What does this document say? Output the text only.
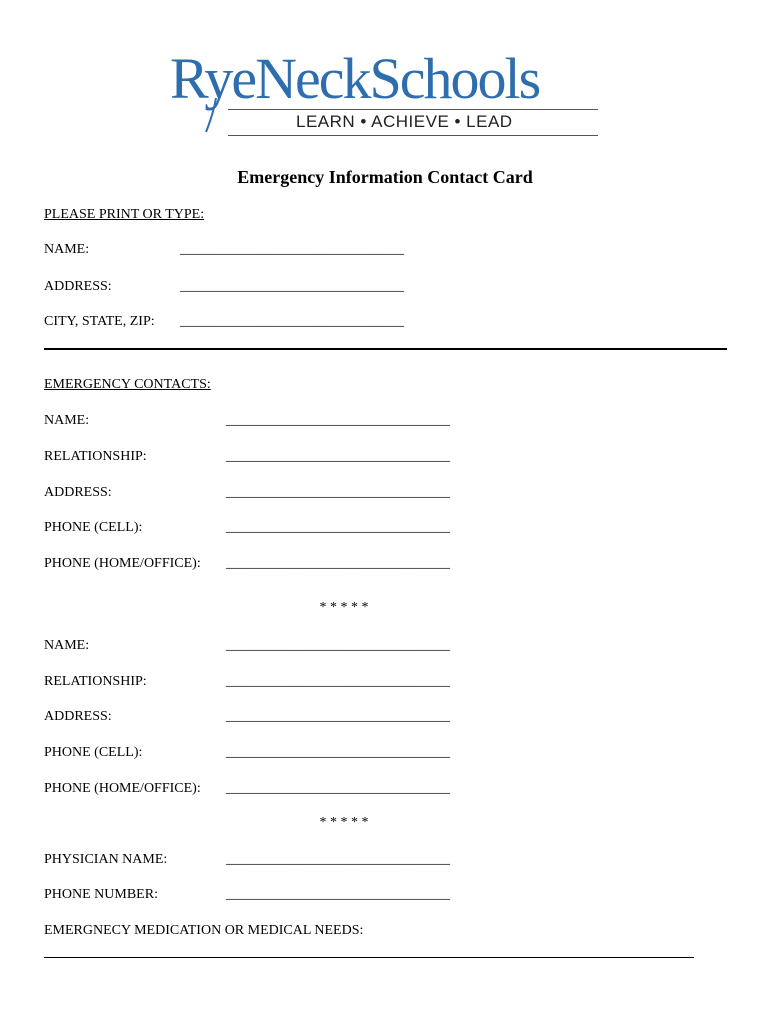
RyeNeckSchools
LEARN • ACHIEVE • LEAD
Emergency Information Contact Card
PLEASE PRINT OR TYPE:
NAME:	________________________________
ADDRESS:	________________________________
CITY, STATE, ZIP: ________________________________
EMERGENCY CONTACTS:
NAME:	________________________________
RELATIONSHIP:	________________________________
ADDRESS:	________________________________
PHONE (CELL):	________________________________
PHONE (HOME/OFFICE): ________________________________
* * * * *
NAME:	________________________________
RELATIONSHIP:	________________________________
ADDRESS:	________________________________
PHONE (CELL):	________________________________
PHONE (HOME/OFFICE): ________________________________
* * * * *
PHYSICIAN NAME:	________________________________
PHONE NUMBER:	________________________________
EMERGNECY MEDICATION OR MEDICAL NEEDS:
